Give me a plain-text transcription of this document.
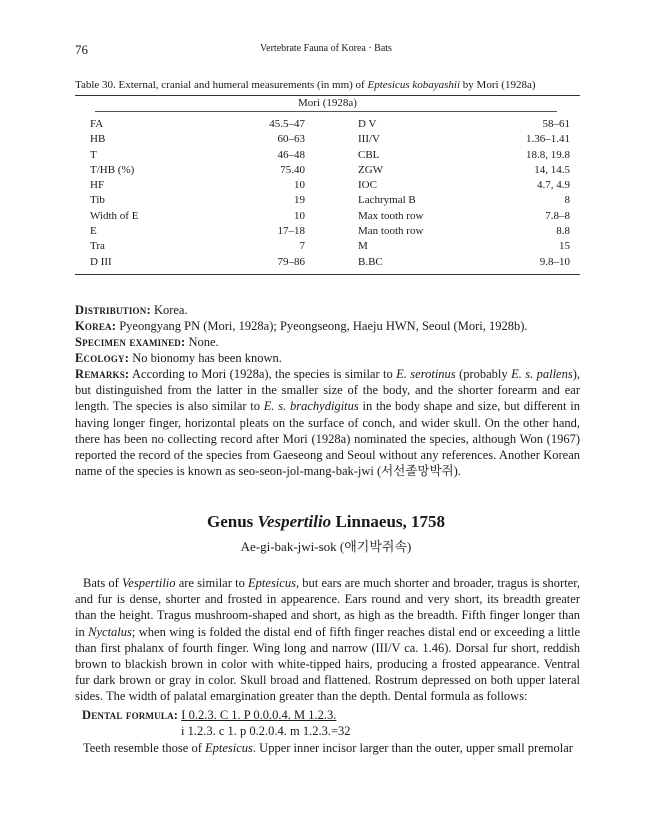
76	Vertebrate Fauna of Korea · Bats
Table 30. External, cranial and humeral measurements (in mm) of Eptesicus kobayashii by Mori (1928a)
Mori (1928a)
FA	45.5–47	D V	58–61
HB	60–63	III/V	1.36–1.41
T	46–48	CBL	18.8, 19.8
T/HB (%)	75.40	ZGW	14, 14.5
HF	10	IOC	4.7, 4.9
Tib	19	Lachrymal B	8
Width of E	10	Max tooth row	7.8–8
E	17–18	Man tooth row	8.8
Tra	7	M	15
D III	79–86	B.BC	9.8–10
Distribution: Korea.
Korea: Pyeongyang PN (Mori, 1928a); Pyeongseong, Haeju HWN, Seoul (Mori, 1928b).
Specimen examined: None.
Ecology: No bionomy has been known.
Remarks: According to Mori (1928a), the species is similar to E. serotinus (probably E. s. pallens), but distinguished from the latter in the smaller size of the body, and the shorter forearm and ear length. The species is also similar to E. s. brachydigitus in the body shape and size, but different in having longer finger, horizontal pleats on the surface of conch, and wider skull. On the other hand, there has been no collecting record after Mori (1928a) nominated the species, although Won (1967) reported the record of the species from Gaeseong and Seoul without any references. Another Korean name of the species is known as seo-seon-jol-mang-bak-jwi (서선졸망박쥐).
Genus Vespertilio Linnaeus, 1758
Ae-gi-bak-jwi-sok (애기박쥐속)
Bats of Vespertilio are similar to Eptesicus, but ears are much shorter and broader, tragus is shorter, and fur is dense, shorter and frosted in appearence. Ears round and very short, its breadth greater than the height. Tragus mushroom-shaped and short, as high as the breadth. Fifth finger longer than in Nyctalus; when wing is folded the distal end of fifth finger reaches distal end or exceeding a little than first phalanx of fourth finger. Wing long and narrow (III/V ca. 1.46). Dorsal fur short, reddish brown to blackish brown in color with white-tipped hairs, producing a frosted appearance. Ventral fur dark brown or gray in color. Skull broad and flattened. Rostrum depressed on both upper lateral sides. The width of palatal emargination greater than the depth. Dental formula as follows:
Dental formula: I 0.2.3. C 1. P 0.0.0.4. M 1.2.3.
i 1.2.3. c 1. p 0.2.0.4. m 1.2.3.=32
Teeth resemble those of Eptesicus. Upper inner incisor larger than the outer, upper small premolar
